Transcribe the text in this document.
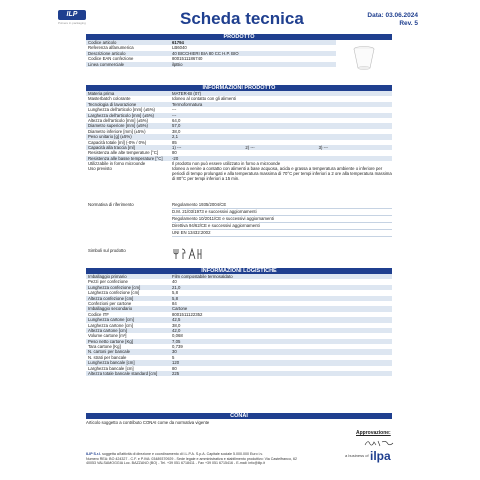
ILP
Polvere in packaging	Scheda tecnica	Data: 03.06.2024
Rev. 5
PRODOTTO
Codice articolo	61794
Referenza alfanumerica	LB6040
Descrizione articolo	40 BICCHIERI BIA 80 CC H.P. BIO
Codice EAN confezione	8001511186740
Linea commerciale	ilpBio
INFORMAZIONI PRODOTTO
Materia prima	MATER-BI (07)
Masterbatch colorante	Idoneo al contatto con gli alimenti
Tecnologia di lavorazione	Termoformatura
Lunghezza dell'articolo [mm] (±5%)	---
Larghezza dell'articolo [mm] (±5%)	---
Altezza dell'articolo [mm] (±5%)	64,0
Diametro superiore [mm] (±5%)	57,0
Diametro inferiore [mm] (±5%)	38,0
Peso unitario [g] (±5%)	2,1
Capacità totale [ml] (-0% / 0%)	85
Capacità alla traccia [ml]	1) ---	2) ---	3) ---
Resistenza alle alte temperature [°C]	80
Resistenza alle basse temperature [°C]	-20
Utilizzabile in forno microonde	Il prodotto non può essere utilizzato in forno a microonde
Uso previsto	Idoneo a venire a contatto con alimenti a base acquosa, acida e grassa a temperatura ambiente o inferiore per periodi di tempo prolungati e alla temperatura massima di 70°C per tempi inferiori a 2 ore alla temperatura massima di 80°C per tempi inferiori a 15 min.
Normativa di riferimento	Regolamento 1935/2004/CE
D.M. 21/03/1973 e successivi aggiornamenti
Regolamento 10/2011/CE e successivi aggiornamenti
Direttiva 94/62/CE e successivi aggiornamenti
UNI EN 13432:2002
Simboli sul prodotto
INFORMAZIONI LOGISTICHE
Imballaggio primario	Film compostabile termosaldato
Pezzi per confezione	40
Lunghezza confezione [cm]	21,0
Larghezza confezione [cm]	5,8
Altezza confezione [cm]	5,8
Confezioni per cartone	84
Imballaggio secondario	Cartone
Codice ITF	8001511122352
Lunghezza cartone [cm]	42,5
Larghezza cartone [cm]	38,0
Altezza cartone [cm]	42,0
Volume cartone [m³]	0,068
Peso netto cartone [Kg]	7,05
Tara cartone [Kg]	0,739
N. cartoni per bancale	30
N. strati per bancale	5
Lunghezza bancale [cm]	120
Larghezza bancale [cm]	80
Altezza totale bancale standard [cm]	225
CONAI
Articolo soggetto a contributo CONAI come da normativa vigente
Approvazione:
ILIP S.r.l. soggetta all'attività di direzione e coordinamento di I.L.P.A. S.p.A. Capitale sociale 5.000.000 Euro i.v.
Numero REA: BO 424327 - C.F. e P.IVA: 03489370929 - Sede legale e amministrativa e stabilimento produttivo: Via Castelfranco, 62
40053 VALSAMOGGIA Loc. BAZZANO (BO) - Tel. +39 051 6718411 - Fax +39 051 6715416 - E-mail: info@ilip.it
a business of ilpa
